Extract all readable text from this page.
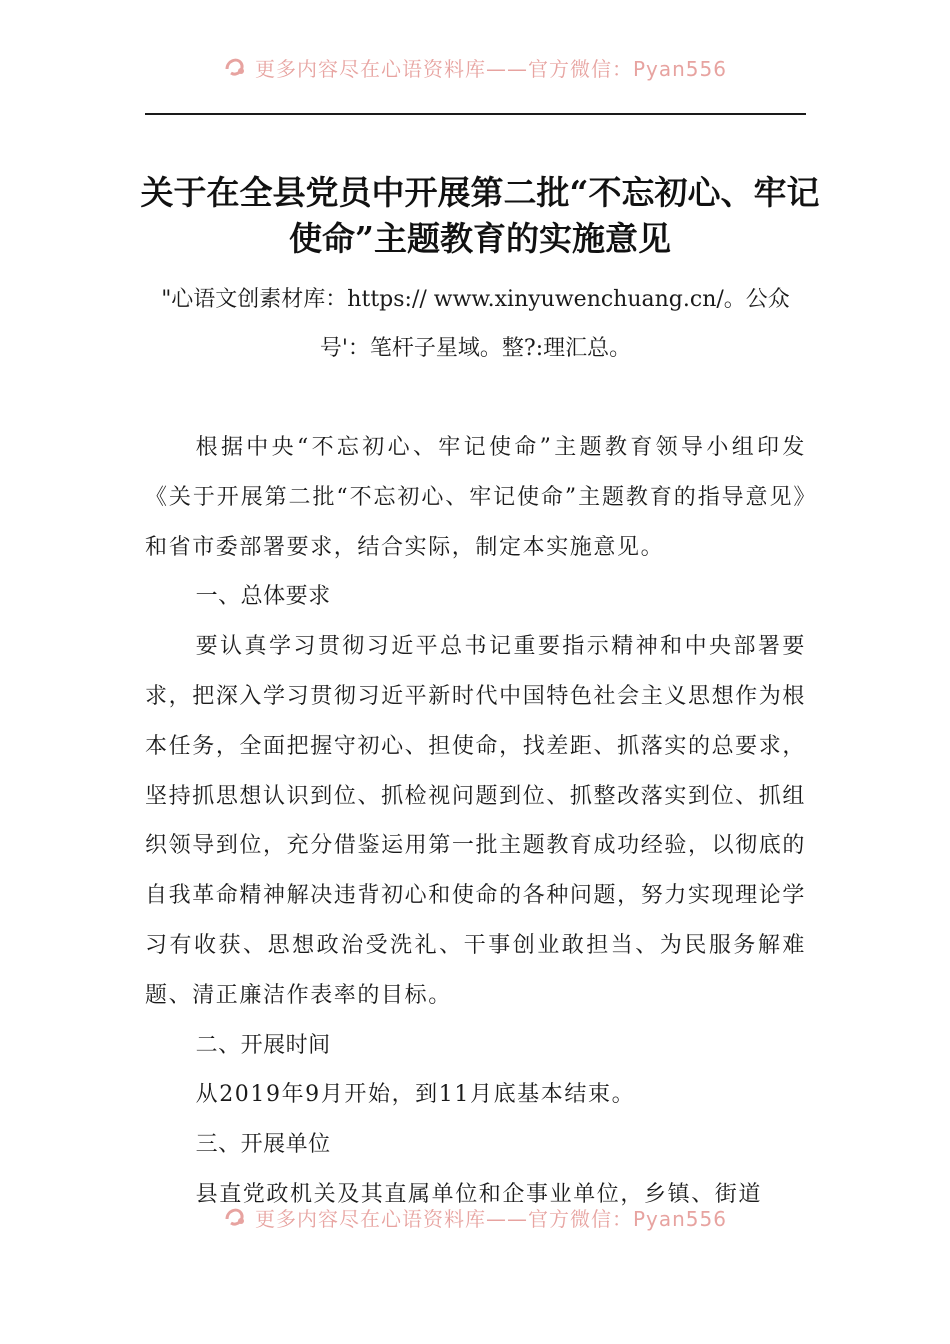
更多内容尽在心语资料库——官方微信：Pyan556
关于在全县党员中开展第二批“不忘初心、牢记使命”主题教育的实施意见
"心语文创素材库：https:// www.xinyuwenchuang.cn/。公众号'：笔杆子星域。整?:理汇总。

根据中央“不忘初心、牢记使命”主题教育领导小组印发《关于开展第二批“不忘初心、牢记使命”主题教育的指导意见》和省市委部署要求，结合实际，制定本实施意见。

一、总体要求

要认真学习贯彻习近平总书记重要指示精神和中央部署要求，把深入学习贯彻习近平新时代中国特色社会主义思想作为根本任务，全面把握守初心、担使命，找差距、抓落实的总要求，坚持抓思想认识到位、抓检视问题到位、抓整改落实到位、抓组织领导到位，充分借鉴运用第一批主题教育成功经验，以彻底的自我革命精神解决违背初心和使命的各种问题，努力实现理论学习有收获、思想政治受洗礼、干事创业敢担当、为民服务解难题、清正廉洁作表率的目标。

二、开展时间

从2019年9月开始，到11月底基本结束。

三、开展单位

县直党政机关及其直属单位和企事业单位，乡镇、街道

更多内容尽在心语资料库——官方微信：Pyan556
